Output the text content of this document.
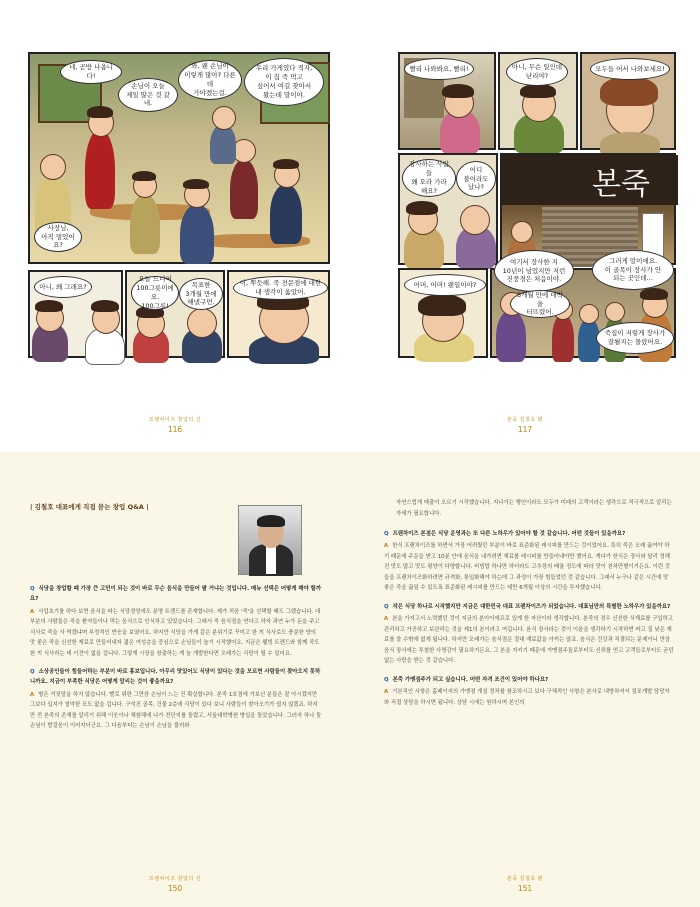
네, 곧방 나옵니다!
손님이 오늘
제일 많은 것 같네.
와, 웬 손님이
이렇게 많아? 다른 데
가야겠는걸.
우리 가게였다 적자,
이 집 죽 먹고
싶어서 여길 찾아서
왔는데 말이야.
사장님,
아직 멀었어요?
아니, 왜 그래요?
오늘 드디어
100그릇이에요.
100그릇!
목표한
3개월 만에
해냈구먼.
이, 뿌듯해. 죽 전문점에 대한
내 생각이 옳았어.
프랜차이즈 창업의 신
116
빨리 나와봐요, 빨리!	아니, 무슨 일인데
난리야?
모두들 어서 나와보세요!
장사하는 사람들
왜 오라 가라
해요?
어디
불이라도
났나?	본죽
어머, 어머! 웬일이야?
여기서 장사한 지
10년이 넘었지만 저런
진풍경은 처음이야.
3개월 만에 대박을
터뜨렸어.
그러게 말이에요.
이 골목이 장사가 안
되는 곳인데…
죽집이 저렇게 장사가
잘될지는 몰랐어요.
본죽 김철호 편
117
| 김철호 대표에게 직접 묻는 창업 Q&A |
Q 식당을 창업할 때 가장 큰 고민이 되는 것이 바로 무슨 음식을 만들어 팔 거냐는 것입니다. 메뉴 선택은 어떻게 해야 할까요?
A 사업초기를 하다 보면 음식을 파는 식당경영에도 분명 트렌드를 존재합니다. 제가 처음 '죽'을 선택할 때도 그랬습니다. 대부분의 사람들은 죽을 환자들이나 먹는 음식으로 인식하고 있었습니다. 그래서 죽 음식점을 연다고 하자 과연 누가 돈을 주고 식사로 죽을 사 먹겠냐며 부정적인 반응을 보였어요. 하지만 식당을 가게 같은 분위기로 꾸미고 한 끼 식사로도 충분한 양의 맛 좋은 죽을 신선한 재료로 만들어내자 젊은 여성층을 중심으로 손님들이 늘기 시작했어요. 지금은 웰빙 트렌드와 함께 죽도 한 끼 식사라는 데 이견이 없을 겁니다. 그렇게 시장을 창출하는 게 늘 개발한다면 오래가는 식당이 될 수 있어요.
Q 소상공인들이 힘들어하는 부분이 바로 홍보입니다. 아무리 맛있어도 식당이 있다는 것을 모르면 사람들이 찾아오지 못하니까요. 지금이 부족한 식당은 어떻게 알리는 것이 좋을까요?
A 방은 거짓말을 하지 않습니다. 빨로 위한 그만큼 손님이 느는 건 확실합니다. 본죽 1호점에 가보신 분들은 잘 아시겠지만 그보다 입지가 열악한 포도 없을 겁니다. 구석진 골목, 건물 2층에 식당이 있다 보니 사람들이 찾아오기가 쉽지 않겠죠. 하지만 전 본죽의 존재를 알리기 위해 이웃이나 체험해에 나가 전단지를 돌렸고, 서울대학병원 병실을 돌았습니다. 그러자 하나 둘 손님이 발걸음이 이어지더군요. 그 다음부터는 손님이 손님을 불러와
프랜차이즈 창업의 신
150
자연스럽게 매출이 오르기 시작했습니다. 지나가는 행인이라도 모두가 미래의 고객이라는 생각으로 적극적으로 알리는 자세가 필요합니다.
Q 프랜차이즈 본점은 식당 운영과는 또 다른 노하우가 있어야 할 것 같습니다. 어떤 것들이 있을까요?
A 한식 프랜차이즈를 하면서 가장 어려웠던 부분이 바로 표준화된 레시피를 만드는 것이었어요. 특히 죽은 오래 끓여야 하기 때문에 주문을 받고 10분 안에 음식을 내가려면 재료를 레시피를 만들어내야만 했어요. 게다가 한식은 장사와 달리 정해진 맛도 많고 맛도 평양이 다양합니다. 비빔밥 하나만 하더라도 고추장의 배율 정도에 따라 맛이 천차만별이거든요. 이런 것들을 프랜차이즈화하려면 규격화, 통일화해야 하는데 그 과정이 가장 힘들었던 것 같습니다. 그래서 누구나 같은 시간에 맛 좋은 죽을 끓일 수 있도록 표준화된 레시피를 만드는 데만 6개월 이상의 시간을 투자했습니다.
Q 작은 식당 하나로 시작했지만 지금은 대한민국 대표 프랜차이즈가 되었습니다. 대표님만의 특별한 노하우가 있을까요?
A 본을 가지고서 노력했던 것이 지금의 본아이에프로 있게 한 자산이라 생각합니다. 본죽의 경우 신선한 식재료를 구입하고 관리하고 가공하고 보관하는 것을 제1의 본이라고 여깁니다. 음식 장사라는 것이 이윤을 생각하기 시작하면 싸고 질 낮은 재료를 쓸 수밖에 없게 됩니다. 하지만 오래가는 음식점은 절대 재료값을 아끼는 않죠. 음식은 건강과 직결되는 문제이니 만큼 음식 장사에는 투철한 사명감이 필요하거든요. 그 본을 지키기 때문에 가맹점주들로부터도 신뢰를 얻고 고객들로부터도 굳던없는 사랑을 받는 것 같습니다.
Q 본죽 가맹점주가 되고 싶습니다. 어떤 자격 조건이 있어야 하나요?
A 기본적인 사항은 홈페이지의 가맹점 개설 정차를 참조하시고 보다 구체적인 사항은 본사로 내방하셔서 점포개발 담당자와 직접 상담을 하시면 됩니다. 상담 시에는 원하시며 본인의
본죽 김철호 편
151
